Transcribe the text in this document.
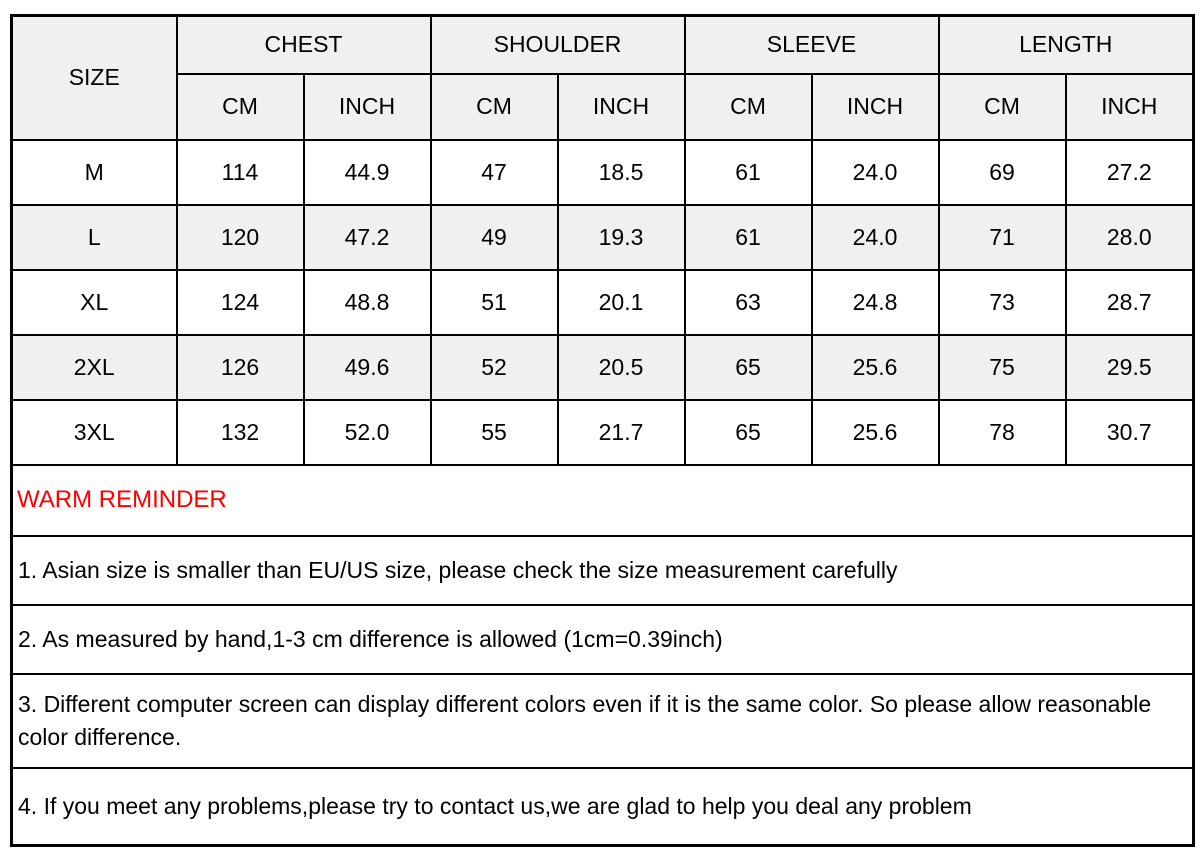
SIZE	CHEST		SHOULDER		SLEEVE		LENGTH	
	CM	INCH	CM	INCH	CM	INCH	CM	INCH
M	114	44.9	47	18.5	61	24.0	69	27.2
L	120	47.2	49	19.3	61	24.0	71	28.0
XL	124	48.8	51	20.1	63	24.8	73	28.7
2XL	126	49.6	52	20.5	65	25.6	75	29.5
3XL	132	52.0	55	21.7	65	25.6	78	30.7
WARM REMINDER								
1. Asian size is smaller than EU/US size, please check the size measurement carefully								
2. As measured by hand,1-3 cm difference is allowed (1cm=0.39inch)								
3. Different computer screen can display different colors even if it is the same color. So please allow reasonable color difference.								
4. If you meet any problems,please try to contact us,we are glad to help you deal any problem								
